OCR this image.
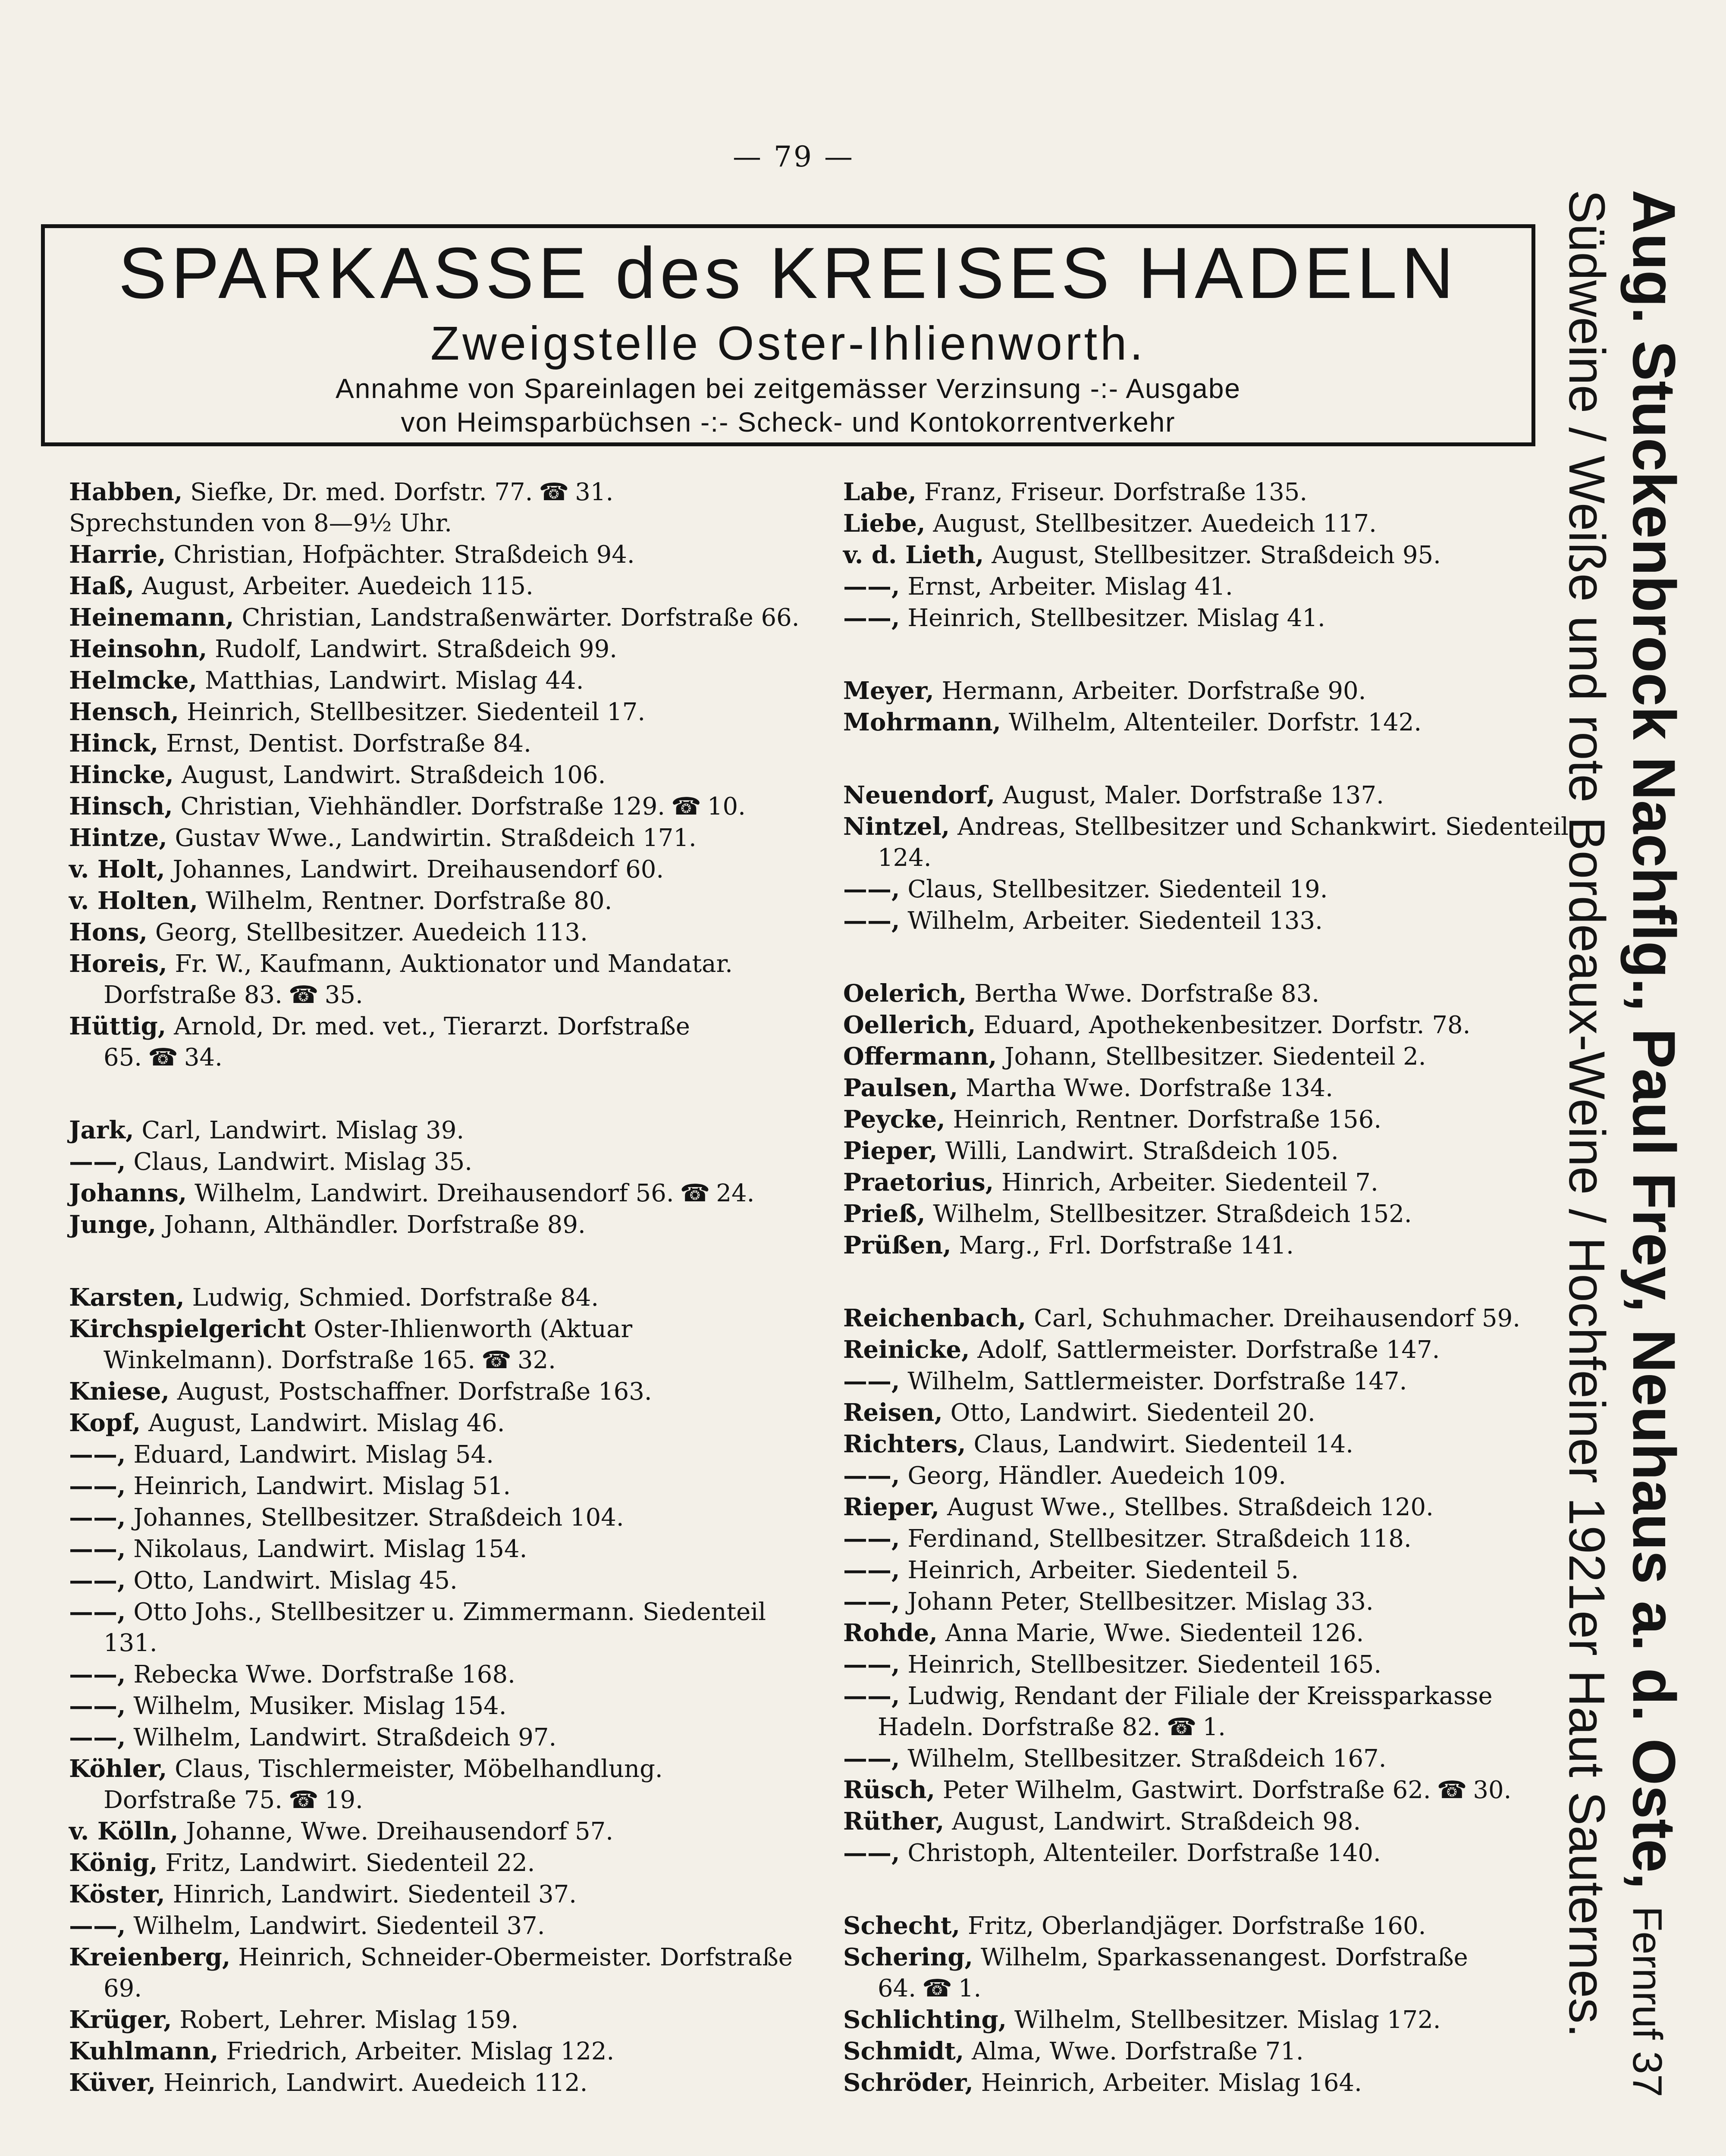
— 79 —
SPARKASSE des KREISES HADELN
Zweigstelle Oster-Ihlienworth.
Annahme von Spareinlagen bei zeitgemässer Verzinsung -:- Ausgabe
von Heimsparbüchsen -:- Scheck- und Kontokorrentverkehr

Habben, Siefke, Dr. med. Dorfstr. 77. ☎ 31.

Sprechstunden von 8—9½ Uhr.

Harrie, Christian, Hofpächter. Straßdeich 94.

Haß, August, Arbeiter. Auedeich 115.

Heinemann, Christian, Landstraßenwärter. Dorfstraße 66.

Heinsohn, Rudolf, Landwirt. Straßdeich 99.

Helmcke, Matthias, Landwirt. Mislag 44.

Hensch, Heinrich, Stellbesitzer. Siedenteil 17.

Hinck, Ernst, Dentist. Dorfstraße 84.

Hincke, August, Landwirt. Straßdeich 106.

Hinsch, Christian, Viehhändler. Dorfstraße 129. ☎ 10.

Hintze, Gustav Wwe., Landwirtin. Straßdeich 171.

v. Holt, Johannes, Landwirt. Dreihausendorf 60.

v. Holten, Wilhelm, Rentner. Dorfstraße 80.

Hons, Georg, Stellbesitzer. Auedeich 113.

Horeis, Fr. W., Kaufmann, Auktionator und Mandatar. Dorfstraße 83. ☎ 35.

Hüttig, Arnold, Dr. med. vet., Tierarzt. Dorfstraße 65. ☎ 34.

Jark, Carl, Landwirt. Mislag 39.

——, Claus, Landwirt. Mislag 35.

Johanns, Wilhelm, Landwirt. Dreihausendorf 56. ☎ 24.

Junge, Johann, Althändler. Dorfstraße 89.

Karsten, Ludwig, Schmied. Dorfstraße 84.

Kirchspielgericht Oster-Ihlienworth (Aktuar Winkelmann). Dorfstraße 165. ☎ 32.

Kniese, August, Postschaffner. Dorfstraße 163.

Kopf, August, Landwirt. Mislag 46.

——, Eduard, Landwirt. Mislag 54.

——, Heinrich, Landwirt. Mislag 51.

——, Johannes, Stellbesitzer. Straßdeich 104.

——, Nikolaus, Landwirt. Mislag 154.

——, Otto, Landwirt. Mislag 45.

——, Otto Johs., Stellbesitzer u. Zimmermann. Siedenteil 131.

——, Rebecka Wwe. Dorfstraße 168.

——, Wilhelm, Musiker. Mislag 154.

——, Wilhelm, Landwirt. Straßdeich 97.

Köhler, Claus, Tischlermeister, Möbelhandlung. Dorfstraße 75. ☎ 19.

v. Kölln, Johanne, Wwe. Dreihausendorf 57.

König, Fritz, Landwirt. Siedenteil 22.

Köster, Hinrich, Landwirt. Siedenteil 37.

——, Wilhelm, Landwirt. Siedenteil 37.

Kreienberg, Heinrich, Schneider-Obermeister. Dorfstraße 69.

Krüger, Robert, Lehrer. Mislag 159.

Kuhlmann, Friedrich, Arbeiter. Mislag 122.

Küver, Heinrich, Landwirt. Auedeich 112.

Labe, Franz, Friseur. Dorfstraße 135.

Liebe, August, Stellbesitzer. Auedeich 117.

v. d. Lieth, August, Stellbesitzer. Straßdeich 95.

——, Ernst, Arbeiter. Mislag 41.

——, Heinrich, Stellbesitzer. Mislag 41.

Meyer, Hermann, Arbeiter. Dorfstraße 90.

Mohrmann, Wilhelm, Altenteiler. Dorfstr. 142.

Neuendorf, August, Maler. Dorfstraße 137.

Nintzel, Andreas, Stellbesitzer und Schankwirt. Siedenteil 124.

——, Claus, Stellbesitzer. Siedenteil 19.

——, Wilhelm, Arbeiter. Siedenteil 133.

Oelerich, Bertha Wwe. Dorfstraße 83.

Oellerich, Eduard, Apothekenbesitzer. Dorfstr. 78.

Offermann, Johann, Stellbesitzer. Siedenteil 2.

Paulsen, Martha Wwe. Dorfstraße 134.

Peycke, Heinrich, Rentner. Dorfstraße 156.

Pieper, Willi, Landwirt. Straßdeich 105.

Praetorius, Hinrich, Arbeiter. Siedenteil 7.

Prieß, Wilhelm, Stellbesitzer. Straßdeich 152.

Prüßen, Marg., Frl. Dorfstraße 141.

Reichenbach, Carl, Schuhmacher. Dreihausendorf 59.

Reinicke, Adolf, Sattlermeister. Dorfstraße 147.

——, Wilhelm, Sattlermeister. Dorfstraße 147.

Reisen, Otto, Landwirt. Siedenteil 20.

Richters, Claus, Landwirt. Siedenteil 14.

——, Georg, Händler. Auedeich 109.

Rieper, August Wwe., Stellbes. Straßdeich 120.

——, Ferdinand, Stellbesitzer. Straßdeich 118.

——, Heinrich, Arbeiter. Siedenteil 5.

——, Johann Peter, Stellbesitzer. Mislag 33.

Rohde, Anna Marie, Wwe. Siedenteil 126.

——, Heinrich, Stellbesitzer. Siedenteil 165.

——, Ludwig, Rendant der Filiale der Kreissparkasse Hadeln. Dorfstraße 82. ☎ 1.

——, Wilhelm, Stellbesitzer. Straßdeich 167.

Rüsch, Peter Wilhelm, Gastwirt. Dorfstraße 62. ☎ 30.

Rüther, August, Landwirt. Straßdeich 98.

——, Christoph, Altenteiler. Dorfstraße 140.

Schecht, Fritz, Oberlandjäger. Dorfstraße 160.

Schering, Wilhelm, Sparkassenangest. Dorfstraße 64. ☎ 1.

Schlichting, Wilhelm, Stellbesitzer. Mislag 172.

Schmidt, Alma, Wwe. Dorfstraße 71.

Schröder, Heinrich, Arbeiter. Mislag 164.

Aug. Stuckenbrock Nachflg., Paul Frey, Neuhaus a. d. Oste, Fernruf 37
Südweine / Weiße und rote Bordeaux-Weine / Hochfeiner 1921er Haut Sauternes.
